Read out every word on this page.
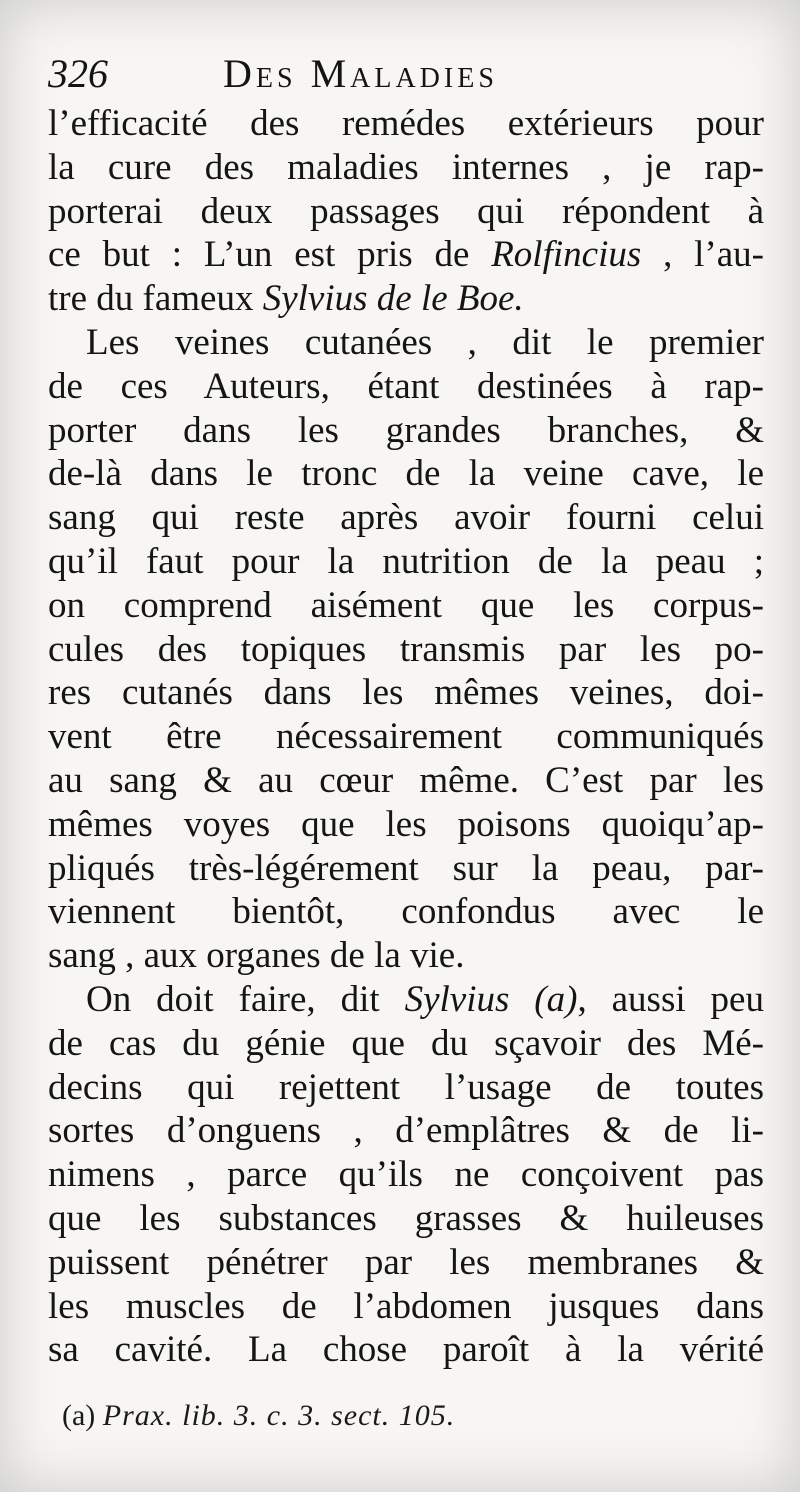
326	Des Maladies
l’efficacité des remédes extérieurs pour
la cure des maladies internes , je rap-
porterai deux passages qui répondent à
ce but : L’un est pris de Rolfincius , l’au-
tre du fameux Sylvius de le Boe.
Les veines cutanées , dit le premier
de ces Auteurs, étant destinées à rap-
porter dans les grandes branches, &
de-là dans le tronc de la veine cave, le
sang qui reste après avoir fourni celui
qu’il faut pour la nutrition de la peau ;
on comprend aisément que les corpus-
cules des topiques transmis par les po-
res cutanés dans les mêmes veines, doi-
vent être nécessairement communiqués
au sang & au cœur même. C’est par les
mêmes voyes que les poisons quoiqu’ap-
pliqués très-légérement sur la peau, par-
viennent bientôt, confondus avec le
sang , aux organes de la vie.
On doit faire, dit Sylvius (a), aussi peu
de cas du génie que du sçavoir des Mé-
decins qui rejettent l’usage de toutes
sortes d’onguens , d’emplâtres & de li-
nimens , parce qu’ils ne conçoivent pas
que les substances grasses & huileuses
puissent pénétrer par les membranes &
les muscles de l’abdomen jusques dans
sa cavité. La chose paroît à la vérité
(a) Prax. lib. 3. c. 3. sect. 105.
